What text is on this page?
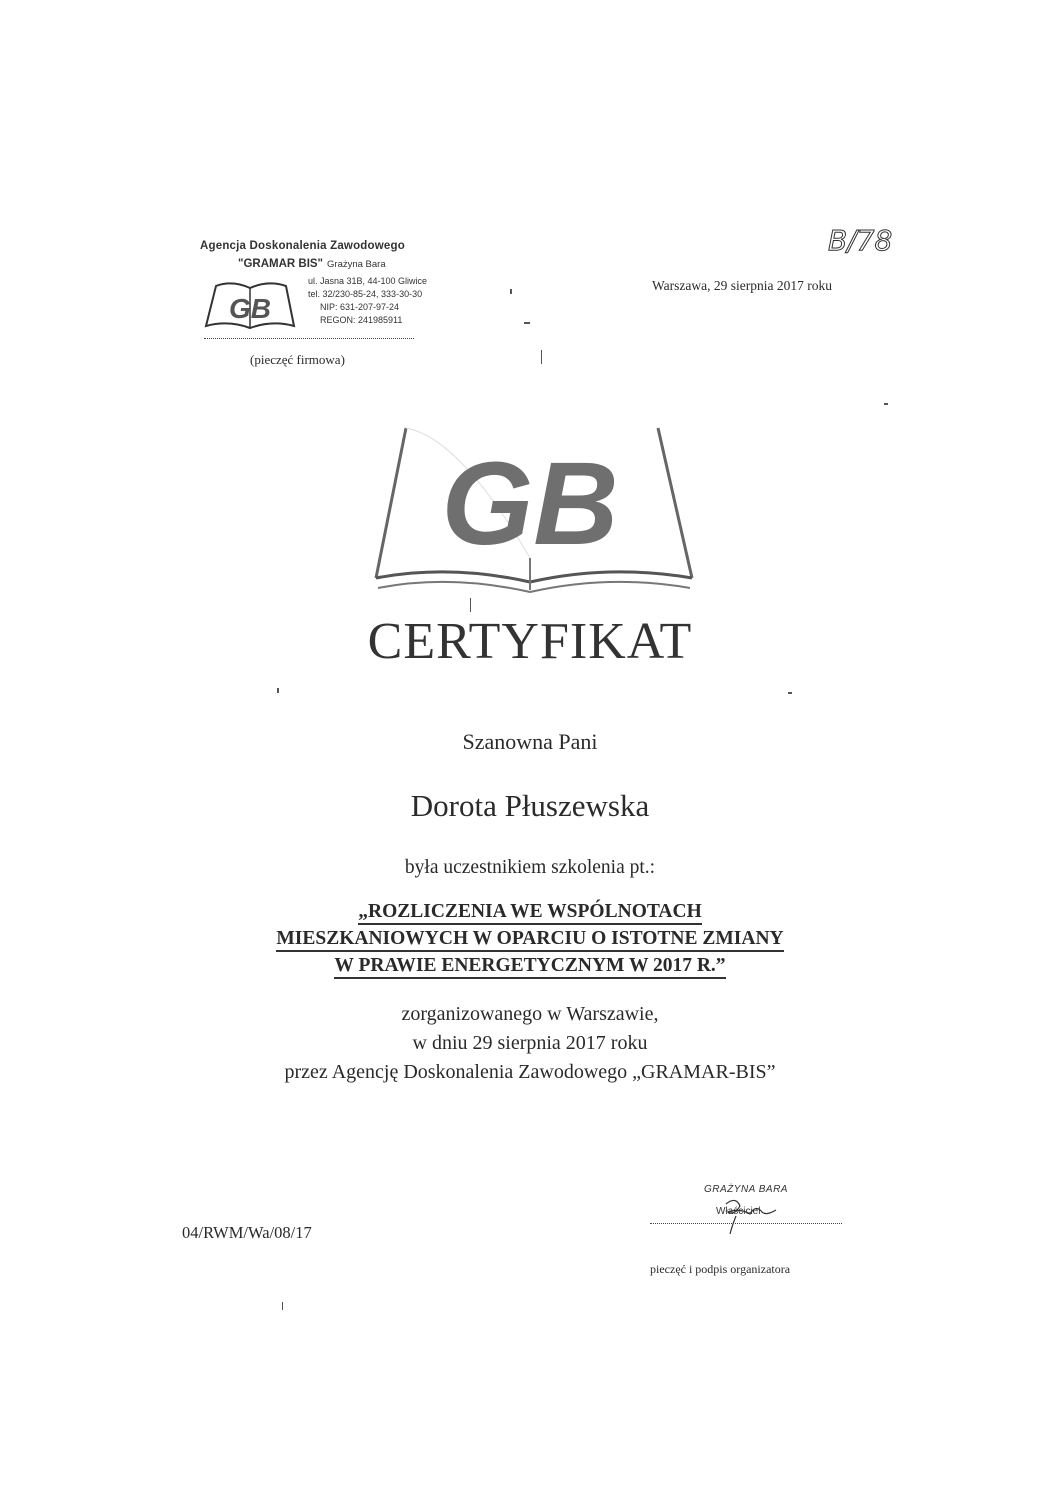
Agencja Doskonalenia Zawodowego
"GRAMAR BIS" Grażyna Bara
GB
ul. Jasna 31B, 44-100 Gliwice
tel. 32/230-85-24, 333-30-30
NIP: 631-207-97-24
REGON: 241985911
(pieczęć firmowa)
B/78
Warszawa, 29 sierpnia 2017 roku
GB
CERTYFIKAT
Szanowna Pani
Dorota Płuszewska
była uczestnikiem szkolenia pt.:
„ROZLICZENIA WE WSPÓLNOTACH
MIESZKANIOWYCH W OPARCIU O ISTOTNE ZMIANY
W PRAWIE ENERGETYCZNYM W 2017 R.”
zorganizowanego w Warszawie,
w dniu 29 sierpnia 2017 roku
przez Agencję Doskonalenia Zawodowego „GRAMAR-BIS”
04/RWM/Wa/08/17
GRAŻYNA BARA
Właściciel
pieczęć i podpis organizatora
